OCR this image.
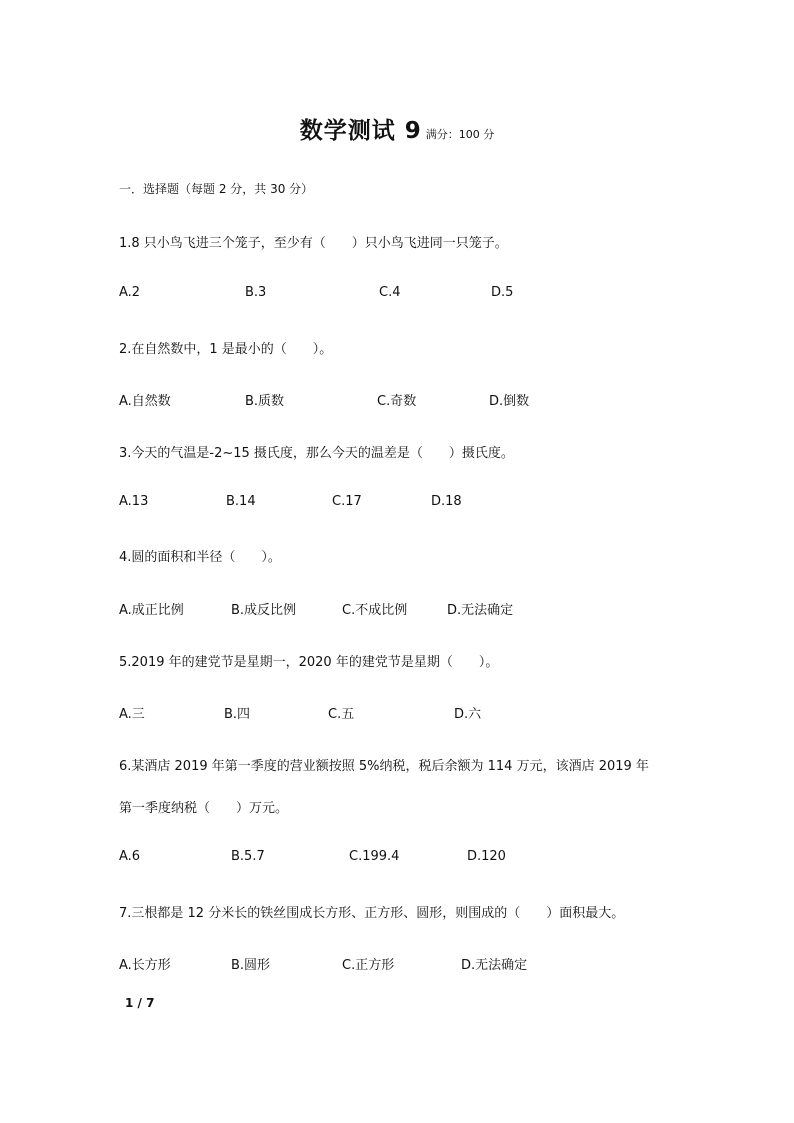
数学测试 9 满分：100 分
一．选择题（每题 2 分，共 30 分）
1.8 只小鸟飞进三个笼子，至少有（　　）只小鸟飞进同一只笼子。
A.2	B.3	C.4	D.5
2.在自然数中，1 是最小的（　　）。
A.自然数	B.质数	C.奇数	D.倒数
3.今天的气温是-2~15 摄氏度，那么今天的温差是（　　）摄氏度。
A.13	B.14	C.17	D.18
4.圆的面积和半径（　　）。
A.成正比例	B.成反比例	C.不成比例	D.无法确定
5.2019 年的建党节是星期一，2020 年的建党节是星期（　　）。
A.三	B.四	C.五	D.六
6.某酒店 2019 年第一季度的营业额按照 5%纳税，税后余额为 114 万元，该酒店 2019 年
第一季度纳税（　　）万元。
A.6	B.5.7	C.199.4	D.120
7.三根都是 12 分米长的铁丝围成长方形、正方形、圆形，则围成的（　　）面积最大。
A.长方形	B.圆形	C.正方形	D.无法确定
1 / 7
